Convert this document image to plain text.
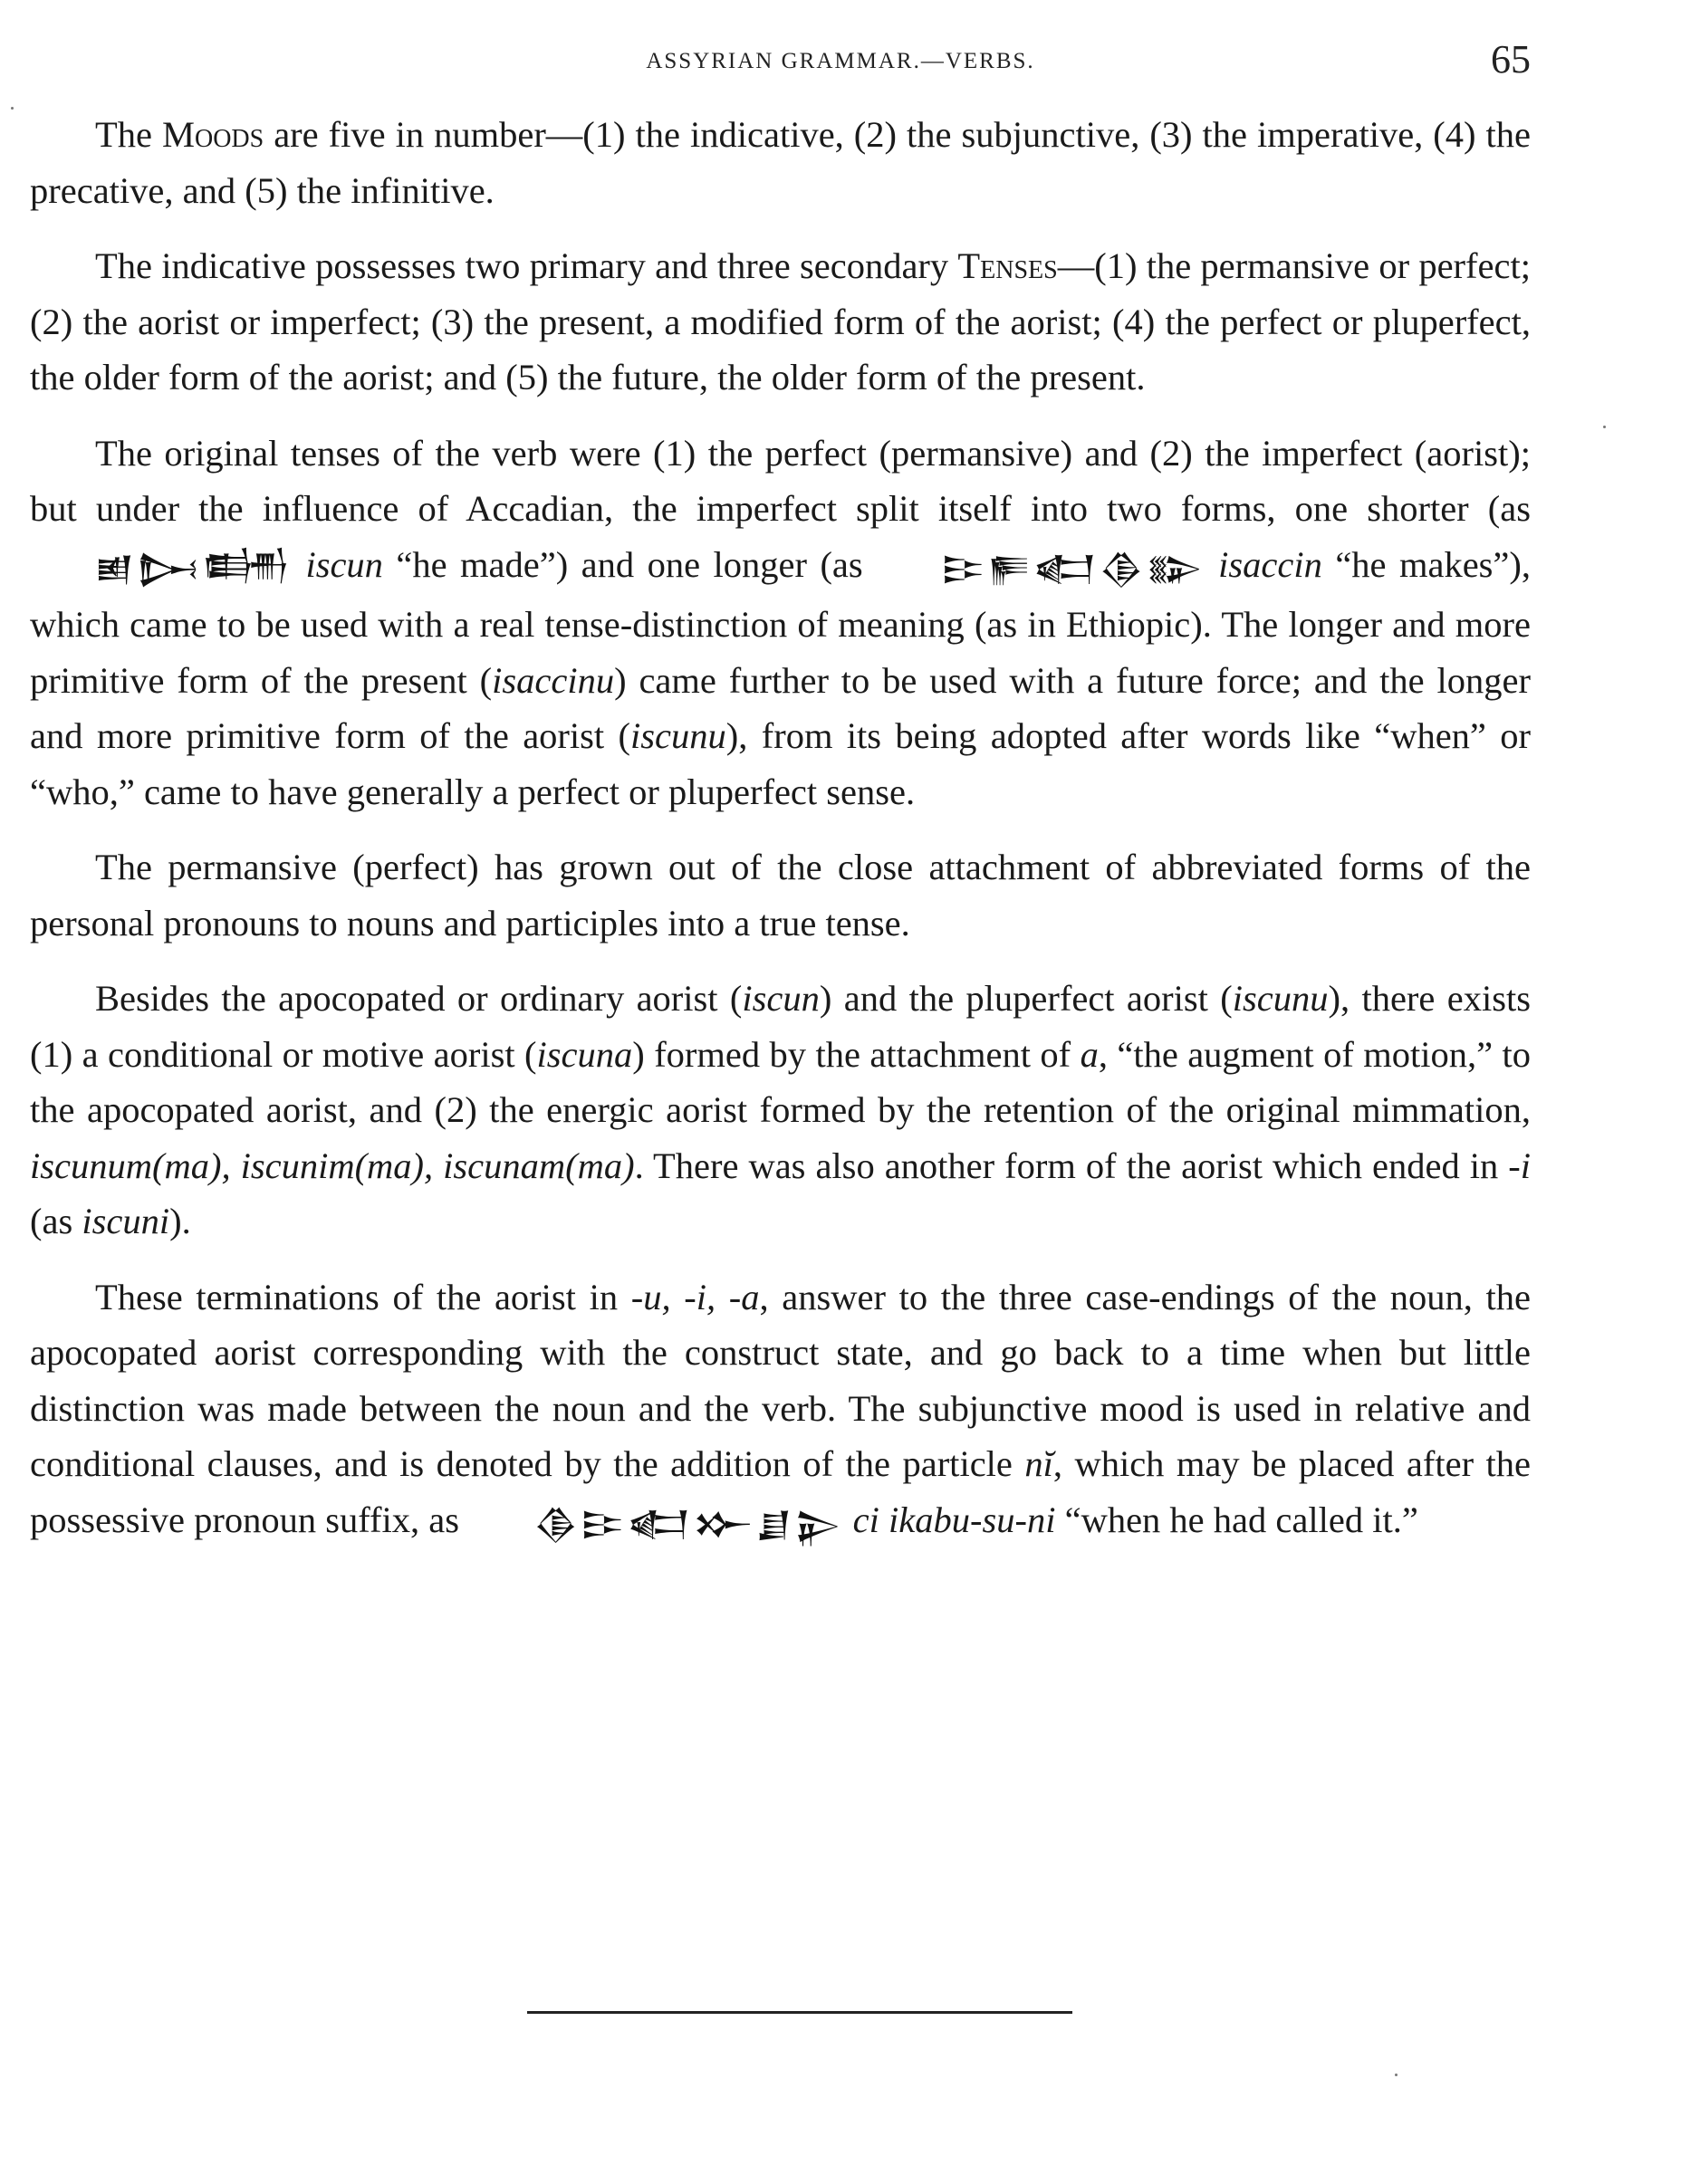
ASSYRIAN GRAMMAR.—VERBS.	65

The Moods are five in number—(1) the indicative, (2) the subjunctive, (3) the imperative, (4) the precative, and (5) the infinitive.

The indicative possesses two primary and three secondary Tenses—(1) the permansive or perfect; (2) the aorist or imperfect; (3) the present, a modified form of the aorist; (4) the perfect or pluperfect, the older form of the aorist; and (5) the future, the older form of the present.

The original tenses of the verb were (1) the perfect (permansive) and (2) the imperfect (aorist); but under the influence of Accadian, the imperfect split itself into two forms, one shorter (as 𒅖𒄖𒌦 iscun “he made”) and one longer (as 𒄿𒊓𒅗𒆠𒅔 isaccin “he makes”), which came to be used with a real tense-distinction of meaning (as in Ethiopic). The longer and more primitive form of the present (isaccinu) came further to be used with a future force; and the longer and more primitive form of the aorist (iscunu), from its being adopted after words like “when” or “who,” came to have generally a perfect or pluperfect sense.

The permansive (perfect) has grown out of the close attachment of abbreviated forms of the personal pronouns to nouns and participles into a true tense.

Besides the apocopated or ordinary aorist (iscun) and the pluperfect aorist (iscunu), there exists (1) a conditional or motive aorist (iscuna) formed by the attachment of a, “the augment of motion,” to the apocopated aorist, and (2) the energic aorist formed by the retention of the original mimmation, iscunum(ma), iscunim(ma), iscunam(ma). There was also another form of the aorist which ended in -i (as iscuni).

These terminations of the aorist in -u, -i, -a, answer to the three case-endings of the noun, the apocopated aorist corresponding with the construct state, and go back to a time when but little distinction was made between the noun and the verb. The subjunctive mood is used in relative and conditional clauses, and is denoted by the addition of the particle nĭ, which may be placed after the possessive pronoun suffix, as 𒆠𒄿𒅗𒁍𒋗𒉌 ci ikabu-su-ni “when he had called it.”
